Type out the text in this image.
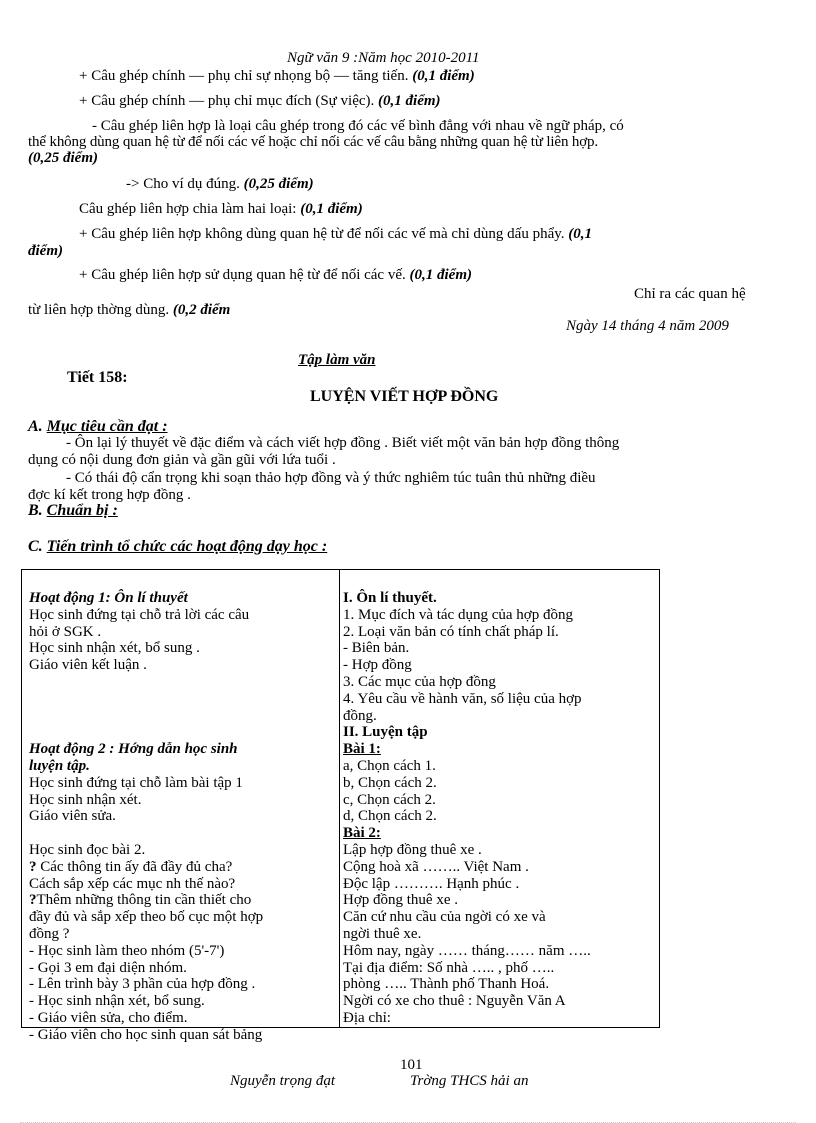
Ngữ văn 9 :Năm học 2010-2011
+ Câu ghép chính — phụ chỉ sự nhọng bộ — tăng tiến. (0,1 điểm)
+ Câu ghép chính — phụ chỉ mục đích (Sự việc). (0,1 điểm)
- Câu ghép liên hợp là loại câu ghép trong đó các vế bình đẳng với nhau về ngữ pháp, có
thể không dùng quan hệ từ để nối các vế hoặc chỉ nối các vế câu bằng những quan hệ từ liên hợp.
(0,25 điểm)
-> Cho ví dụ đúng. (0,25 điểm)
Câu ghép liên hợp chia làm hai loại: (0,1 điểm)
+ Câu ghép liên hợp không dùng quan hệ từ để nối các vế mà chỉ dùng dấu phẩy. (0,1
điểm)
+ Câu ghép liên hợp sử dụng quan hệ từ để nối các vế. (0,1 điểm)
Chỉ ra các quan hệ
từ liên hợp thờng dùng. (0,2 điểm
Ngày 14 tháng 4 năm 2009
Tập làm văn
Tiết 158:
LUYỆN VIẾT HỢP ĐỒNG
A. Mục tiêu cần đạt :
- Ôn lại lý thuyết về đặc điểm và cách viết hợp đồng . Biết viết một văn bản hợp đồng thông
dụng có nội dung đơn giản và gần gũi với lứa tuổi .
- Có thái độ cẩn trọng khi soạn thảo hợp đồng và ý thức nghiêm túc tuân thủ những điều
đợc kí kết trong hợp đồng .
B. Chuẩn bị :
C. Tiến trình tổ chức các hoạt động dạy học :
Hoạt động 1: Ôn lí thuyết
Học sinh đứng tại chỗ trả lời các câu
hỏi ở SGK .
Học sinh nhận xét, bổ sung .
Giáo viên kết luận .
Hoạt động 2 : Hớng dẫn học sinh
luyện tập.
Học sinh đứng tại chỗ làm bài tập 1
Học sinh nhận xét.
Giáo viên sửa.
Học sinh đọc bài 2.
? Các thông tin ấy đã đầy đủ cha?
Cách sắp xếp các mục nh thế nào?
?Thêm những thông tin cần thiết cho
đầy đủ và sắp xếp theo bố cục một hợp
đồng ?
- Học sinh làm theo nhóm (5'-7')
- Gọi 3 em đại diện nhóm.
- Lên trình bày 3 phần của hợp đồng .
- Học sinh nhận xét, bổ sung.
- Giáo viên sửa, cho điểm.
- Giáo viên cho học sinh quan sát bảng

I. Ôn lí thuyết.
1. Mục đích và tác dụng của hợp đồng
2. Loại văn bản có tính chất pháp lí.
- Biên bản.
- Hợp đồng
3. Các mục của hợp đồng
4. Yêu cầu về hành văn, số liệu của hợp
đồng.
II. Luyện tập
Bài 1:
a, Chọn cách 1.
b, Chọn cách 2.
c, Chọn cách 2.
d, Chọn cách 2.
Bài 2:
Lập hợp đồng thuê xe .
Cộng hoà xã …….. Việt Nam .
Độc lập ………. Hạnh phúc .
Hợp đồng thuê xe .
Căn cứ nhu cầu của ngời có xe và
ngời thuê xe.
Hôm nay, ngày …… tháng…… năm …..
Tại địa điểm: Số nhà ….. , phố …..
phòng ….. Thành phố Thanh Hoá.
Ngời có xe cho thuê : Nguyễn Văn A
Địa chỉ:
101
Nguyễn trọng đạt	Trờng THCS hải an
